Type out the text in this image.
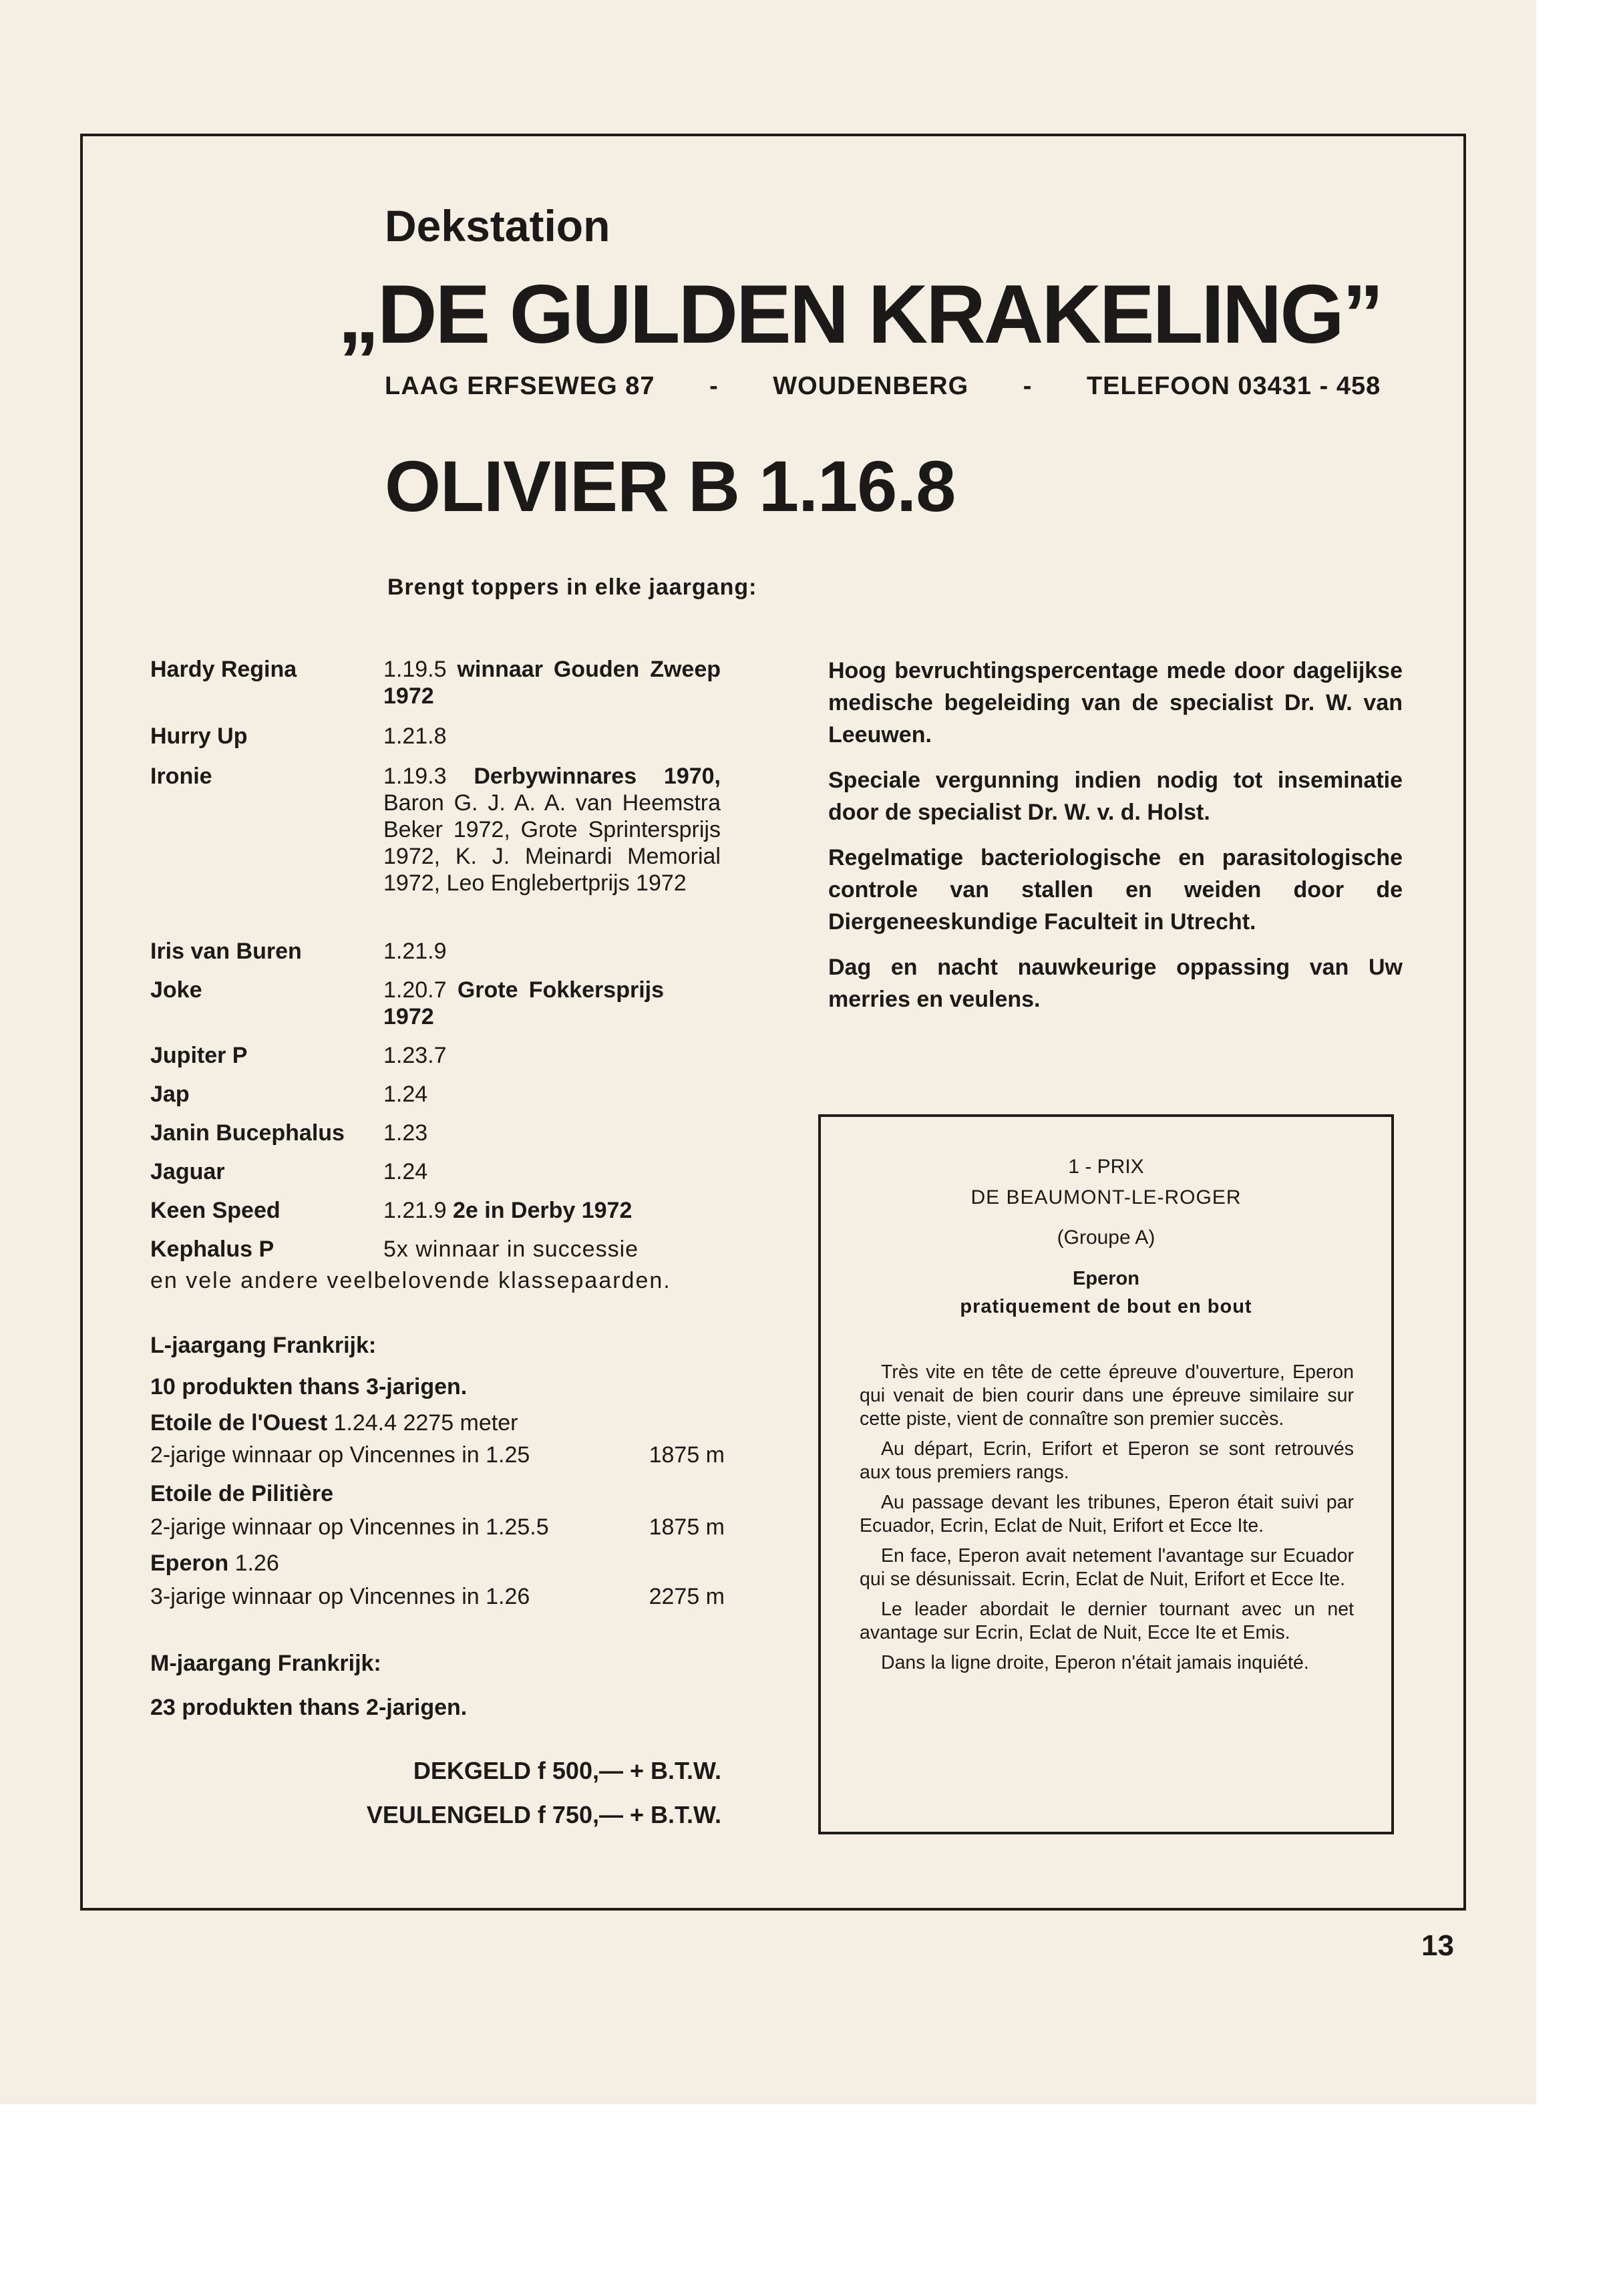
Dekstation
„DE GULDEN KRAKELING”
LAAG ERFSEWEG 87 - WOUDENBERG - TELEFOON 03431 - 458
OLIVIER B 1.16.8
Brengt toppers in elke jaargang:
Hardy Regina	1.19.5 winnaar Gouden Zweep 1972
Hurry Up	1.21.8
Ironie	1.19.3 Derbywinnares 1970, Baron G. J. A. A. van Heemstra Beker 1972, Grote Sprintersprijs 1972, K. J. Meinardi Memorial 1972, Leo Englebertprijs 1972
Iris van Buren	1.21.9
Joke	1.20.7 Grote Fokkersprijs 1972
Jupiter P	1.23.7
Jap	1.24
Janin Bucephalus 1.23
Jaguar	1.24
Keen Speed	1.21.9 2e in Derby 1972
Kephalus P	5x winnaar in successie
en vele andere veelbelovende klassepaarden.
L-jaargang Frankrijk:
10 produkten thans 3-jarigen.
Etoile de l'Ouest 1.24.4 2275 meter
2-jarige winnaar op Vincennes in 1.25	1875 m
Etoile de Pilitière
2-jarige winnaar op Vincennes in 1.25.5	1875 m
Eperon 1.26
3-jarige winnaar op Vincennes in 1.26	2275 m
M-jaargang Frankrijk:
23 produkten thans 2-jarigen.
DEKGELD f 500,— + B.T.W.
VEULENGELD f 750,— + B.T.W.

Hoog bevruchtingspercentage mede door dagelijkse medische begeleiding van de specialist Dr. W. van Leeuwen.

Speciale vergunning indien nodig tot inseminatie door de specialist Dr. W. v. d. Holst.

Regelmatige bacteriologische en parasitologische controle van stallen en weiden door de Diergeneeskundige Faculteit in Utrecht.

Dag en nacht nauwkeurige oppassing van Uw merries en veulens.

1 - PRIX
DE BEAUMONT-LE-ROGER
(Groupe A)
Eperon
pratiquement de bout en bout

Très vite en tête de cette épreuve d'ouverture, Eperon qui venait de bien courir dans une épreuve similaire sur cette piste, vient de connaître son premier succès.

Au départ, Ecrin, Erifort et Eperon se sont retrouvés aux tous premiers rangs.

Au passage devant les tribunes, Eperon était suivi par Ecuador, Ecrin, Eclat de Nuit, Erifort et Ecce Ite.

En face, Eperon avait netement l'avantage sur Ecuador qui se désunissait. Ecrin, Eclat de Nuit, Erifort et Ecce Ite.

Le leader abordait le dernier tournant avec un net avantage sur Ecrin, Eclat de Nuit, Ecce Ite et Emis.

Dans la ligne droite, Eperon n'était jamais inquiété.

13
